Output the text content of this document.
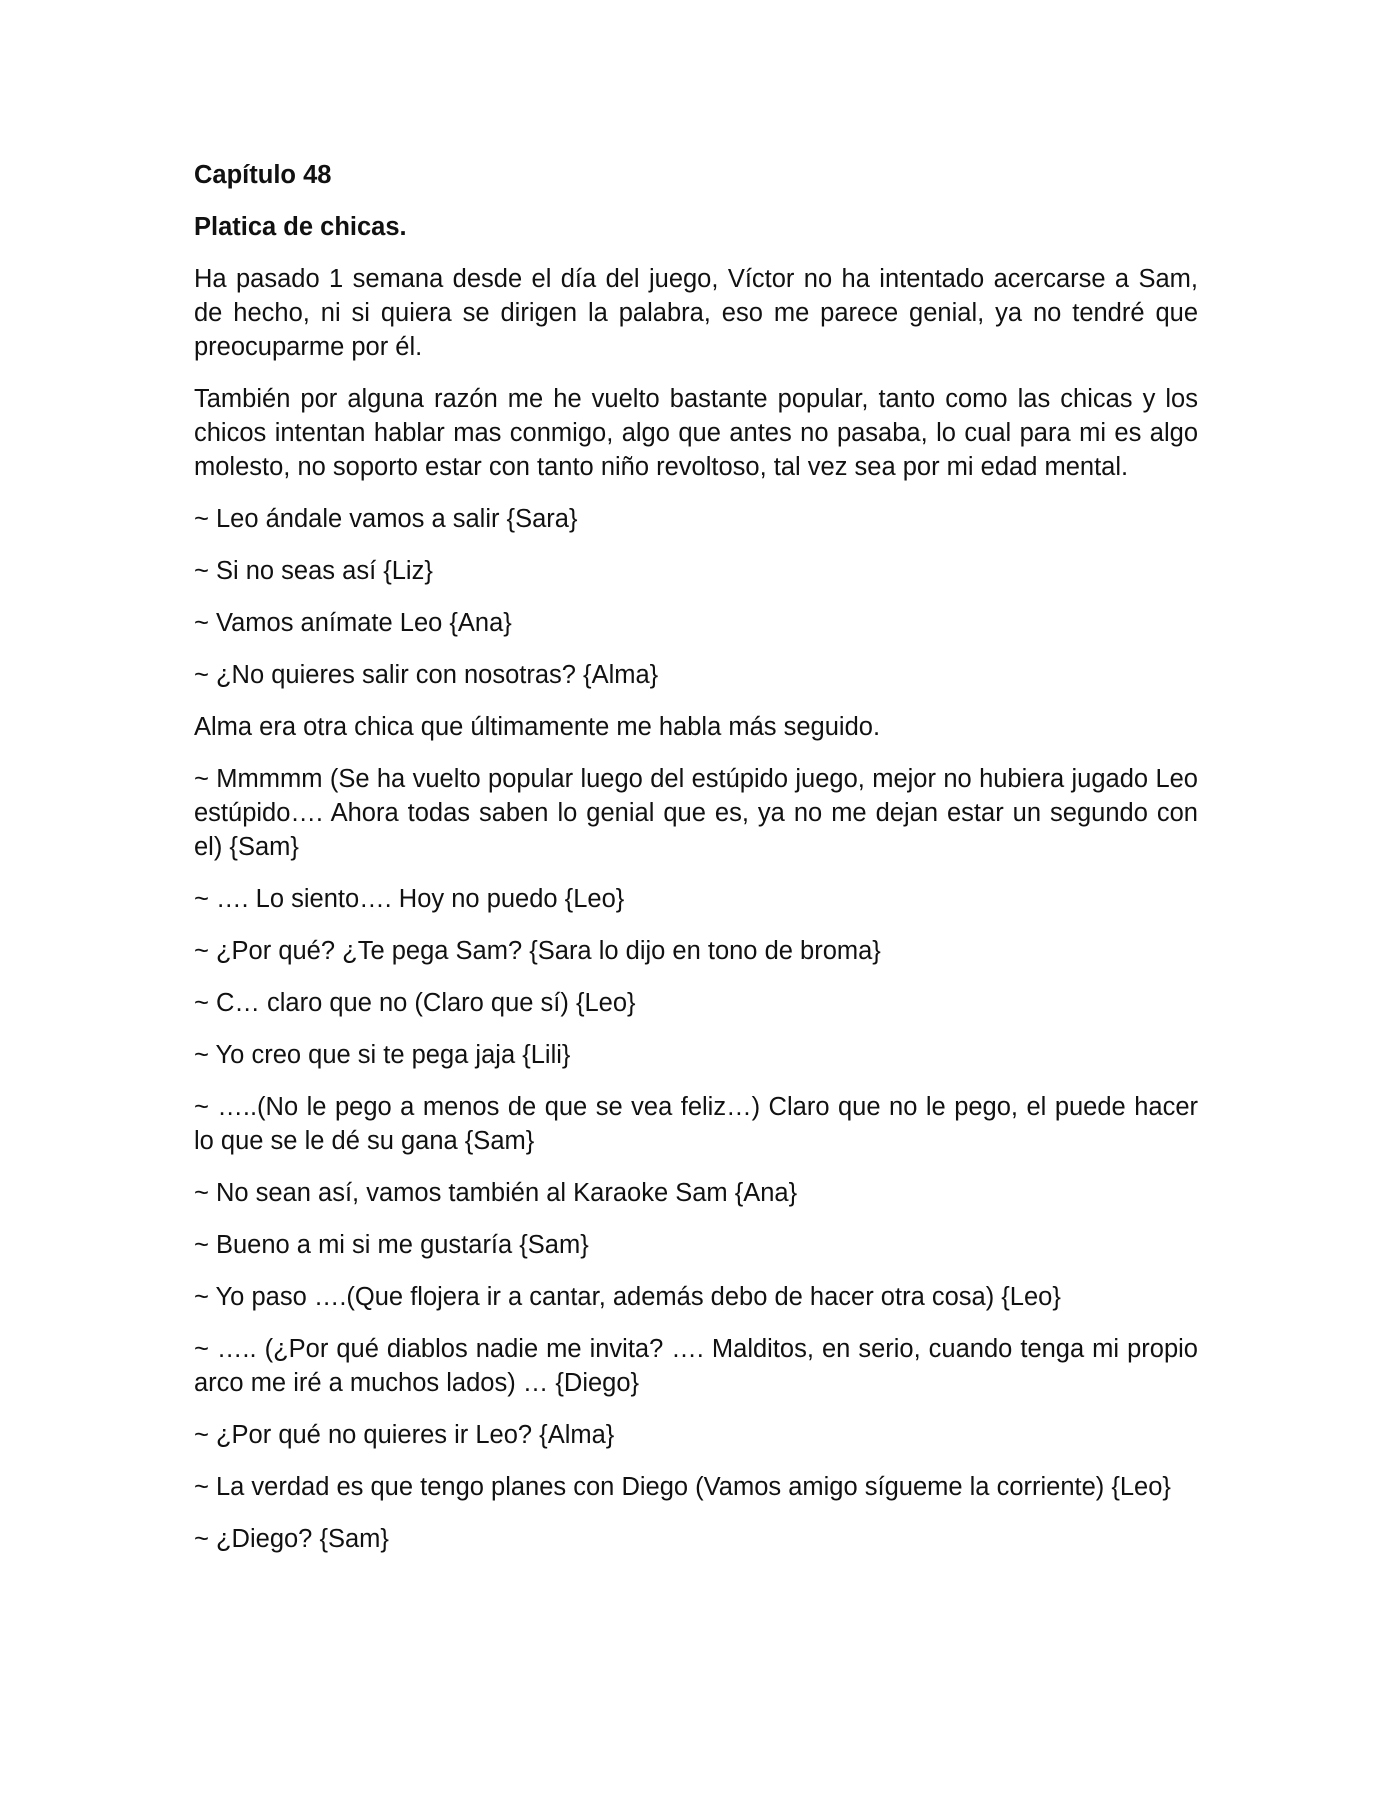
Capítulo 48
Platica de chicas.

Ha pasado 1 semana desde el día del juego, Víctor no ha intentado acercarse a Sam, de hecho, ni si quiera se dirigen la palabra, eso me parece genial, ya no tendré que preocuparme por él.

También por alguna razón me he vuelto bastante popular, tanto como las chicas y los chicos intentan hablar mas conmigo, algo que antes no pasaba, lo cual para mi es algo molesto, no soporto estar con tanto niño revoltoso, tal vez sea por mi edad mental.

~ Leo ándale vamos a salir {Sara}

~ Si no seas así {Liz}

~ Vamos anímate Leo {Ana}

~ ¿No quieres salir con nosotras? {Alma}

Alma era otra chica que últimamente me habla más seguido.

~ Mmmmm (Se ha vuelto popular luego del estúpido juego, mejor no hubiera jugado Leo estúpido…. Ahora todas saben lo genial que es, ya no me dejan estar un segundo con el) {Sam}

~ …. Lo siento…. Hoy no puedo {Leo}

~ ¿Por qué? ¿Te pega Sam? {Sara lo dijo en tono de broma}

~ C… claro que no (Claro que sí) {Leo}

~ Yo creo que si te pega jaja {Lili}

~ …..(No le pego a menos de que se vea feliz…) Claro que no le pego, el puede hacer lo que se le dé su gana {Sam}

~ No sean así, vamos también al Karaoke Sam {Ana}

~ Bueno a mi si me gustaría {Sam}

~ Yo paso ….(Que flojera ir a cantar, además debo de hacer otra cosa) {Leo}

~ ….. (¿Por qué diablos nadie me invita? …. Malditos, en serio, cuando tenga mi propio arco me iré a muchos lados) … {Diego}

~ ¿Por qué no quieres ir Leo? {Alma}

~ La verdad es que tengo planes con Diego (Vamos amigo sígueme la corriente) {Leo}

~ ¿Diego? {Sam}
